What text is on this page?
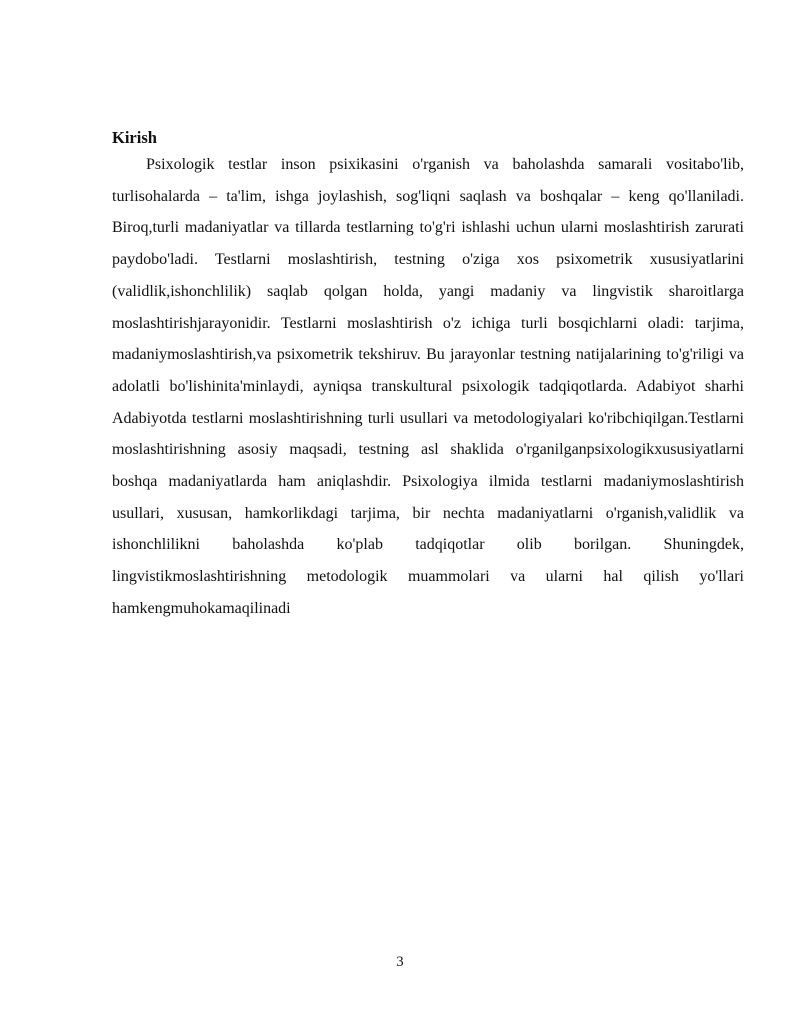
Kirish

Psixologik testlar inson psixikasini o'rganish va baholashda samarali vositabo'lib, turlisohalarda – ta'lim, ishga joylashish, sog'liqni saqlash va boshqalar – keng qo'llaniladi. Biroq,turli madaniyatlar va tillarda testlarning to'g'ri ishlashi uchun ularni moslashtirish zarurati paydobo'ladi. Testlarni moslashtirish, testning o'ziga xos psixometrik xususiyatlarini (validlik,ishonchlilik) saqlab qolgan holda, yangi madaniy va lingvistik sharoitlarga moslashtirishjarayonidir. Testlarni moslashtirish o'z ichiga turli bosqichlarni oladi: tarjima, madaniymoslashtirish,va psixometrik tekshiruv. Bu jarayonlar testning natijalarining to'g'riligi va adolatli bo'lishinita'minlaydi, ayniqsa transkultural psixologik tadqiqotlarda. Adabiyot sharhi Adabiyotda testlarni moslashtirishning turli usullari va metodologiyalari ko'ribchiqilgan.Testlarni moslashtirishning asosiy maqsadi, testning asl shaklida o'rganilganpsixologikxususiyatlarni boshqa madaniyatlarda ham aniqlashdir. Psixologiya ilmida testlarni madaniymoslashtirish usullari, xususan, hamkorlikdagi tarjima, bir nechta madaniyatlarni o'rganish,validlik va ishonchlilikni baholashda ko'plab tadqiqotlar olib borilgan. Shuningdek, lingvistikmoslashtirishning metodologik muammolari va ularni hal qilish yo'llari hamkengmuhokamaqilinadi

3
